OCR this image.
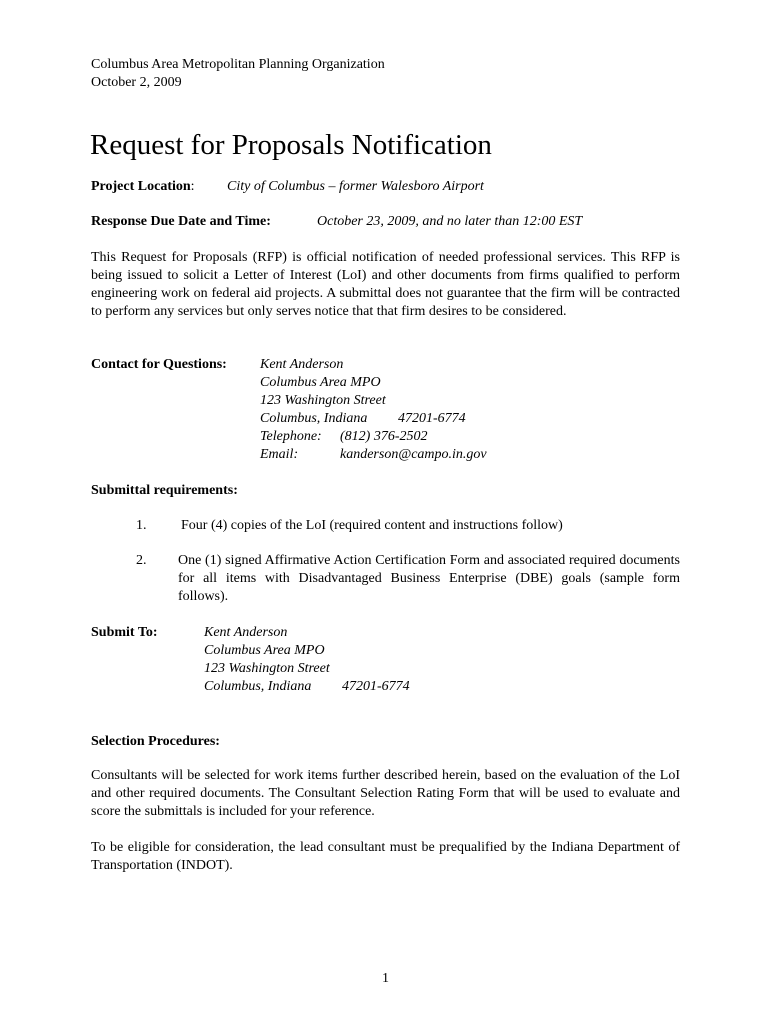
Columbus Area Metropolitan Planning Organization
October 2, 2009
Request for Proposals Notification
Project Location: City of Columbus – former Walesboro Airport
Response Due Date and Time:	October 23, 2009, and no later than 12:00 EST
This Request for Proposals (RFP) is official notification of needed professional services. This RFP is being issued to solicit a Letter of Interest (LoI) and other documents from firms qualified to perform engineering work on federal aid projects. A submittal does not guarantee that the firm will be contracted to perform any services but only serves notice that that firm desires to be considered.
Contact for Questions: Kent Anderson
Columbus Area MPO
123 Washington Street
Columbus, Indiana 47201-6774
Telephone: (812) 376-2502
Email:	kanderson@campo.in.gov
Submittal requirements:
1. Four (4) copies of the LoI (required content and instructions follow)
2. One (1) signed Affirmative Action Certification Form and associated required documents for all items with Disadvantaged Business Enterprise (DBE) goals (sample form follows).
Submit To:	Kent Anderson
Columbus Area MPO
123 Washington Street
Columbus, Indiana 47201-6774
Selection Procedures:
Consultants will be selected for work items further described herein, based on the evaluation of the LoI and other required documents. The Consultant Selection Rating Form that will be used to evaluate and score the submittals is included for your reference.
To be eligible for consideration, the lead consultant must be prequalified by the Indiana Department of Transportation (INDOT).
1
